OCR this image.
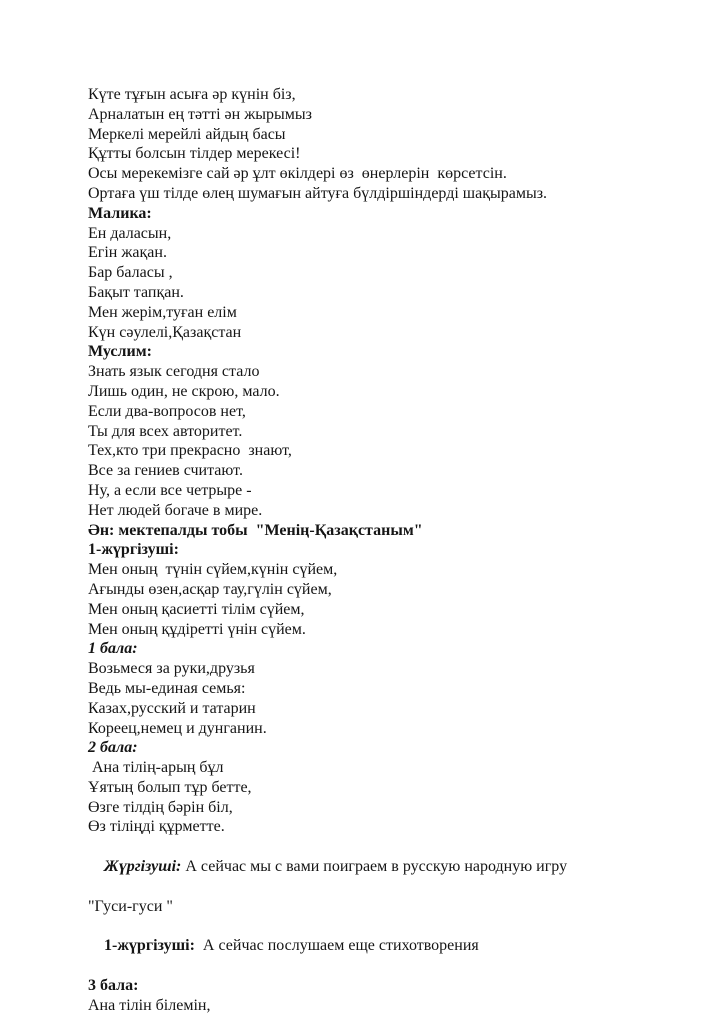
Күте тұғын асыға әр күнін біз,
Арналатын ең тәтті ән жырымыз
Меркелі мерейлі айдың басы
Құтты болсын тілдер мерекесі!
Осы мерекемізге сай әр ұлт өкілдері өз  өнерлерін  көрсетсін.
Ортаға үш тілде өлең шумағын айтуға бүлдіршіндерді шақырамыз.
Малика:
Ен даласын,
Егін жақан.
Бар баласы ,
Бақыт тапқан.
Мен жерім,туған елім
Күн сәулелі,Қазақстан
Муслим:
Знать язык сегодня стало
Лишь один, не скрою, мало.
Если два-вопросов нет,
Ты для всех авторитет.
Тех,кто три прекрасно  знают,
Все за гениев считают.
Ну, а если все четрыре -
Нет людей богаче в мире.
Ән: мектепалды тобы  "Менің-Қазақстаным"
1-жүргізуші:
Мен оның  түнін сүйем,күнін сүйем,
Ағынды өзен,асқар тау,гүлін сүйем,
Мен оның қасиетті тілім сүйем,
Мен оның құдіретті үнін сүйем.
1 бала:
Возьмеся за руки,друзья
Ведь мы-единая семья:
Казах,русский и татарин
Кореец,немец и дунганин.
2 бала:
Ана тілің-арың бұл
Ұятың болып тұр бетте,
Өзге тілдің бәрін біл,
Өз тіліңді құрметте.

Жүргізуші: А сейчас мы с вами поиграем в русскую народную игру

"Гуси-гуси "

1-жүргізуші:  А сейчас послушаем еще стихотворения

3 бала:
Ана тілін білемін,
